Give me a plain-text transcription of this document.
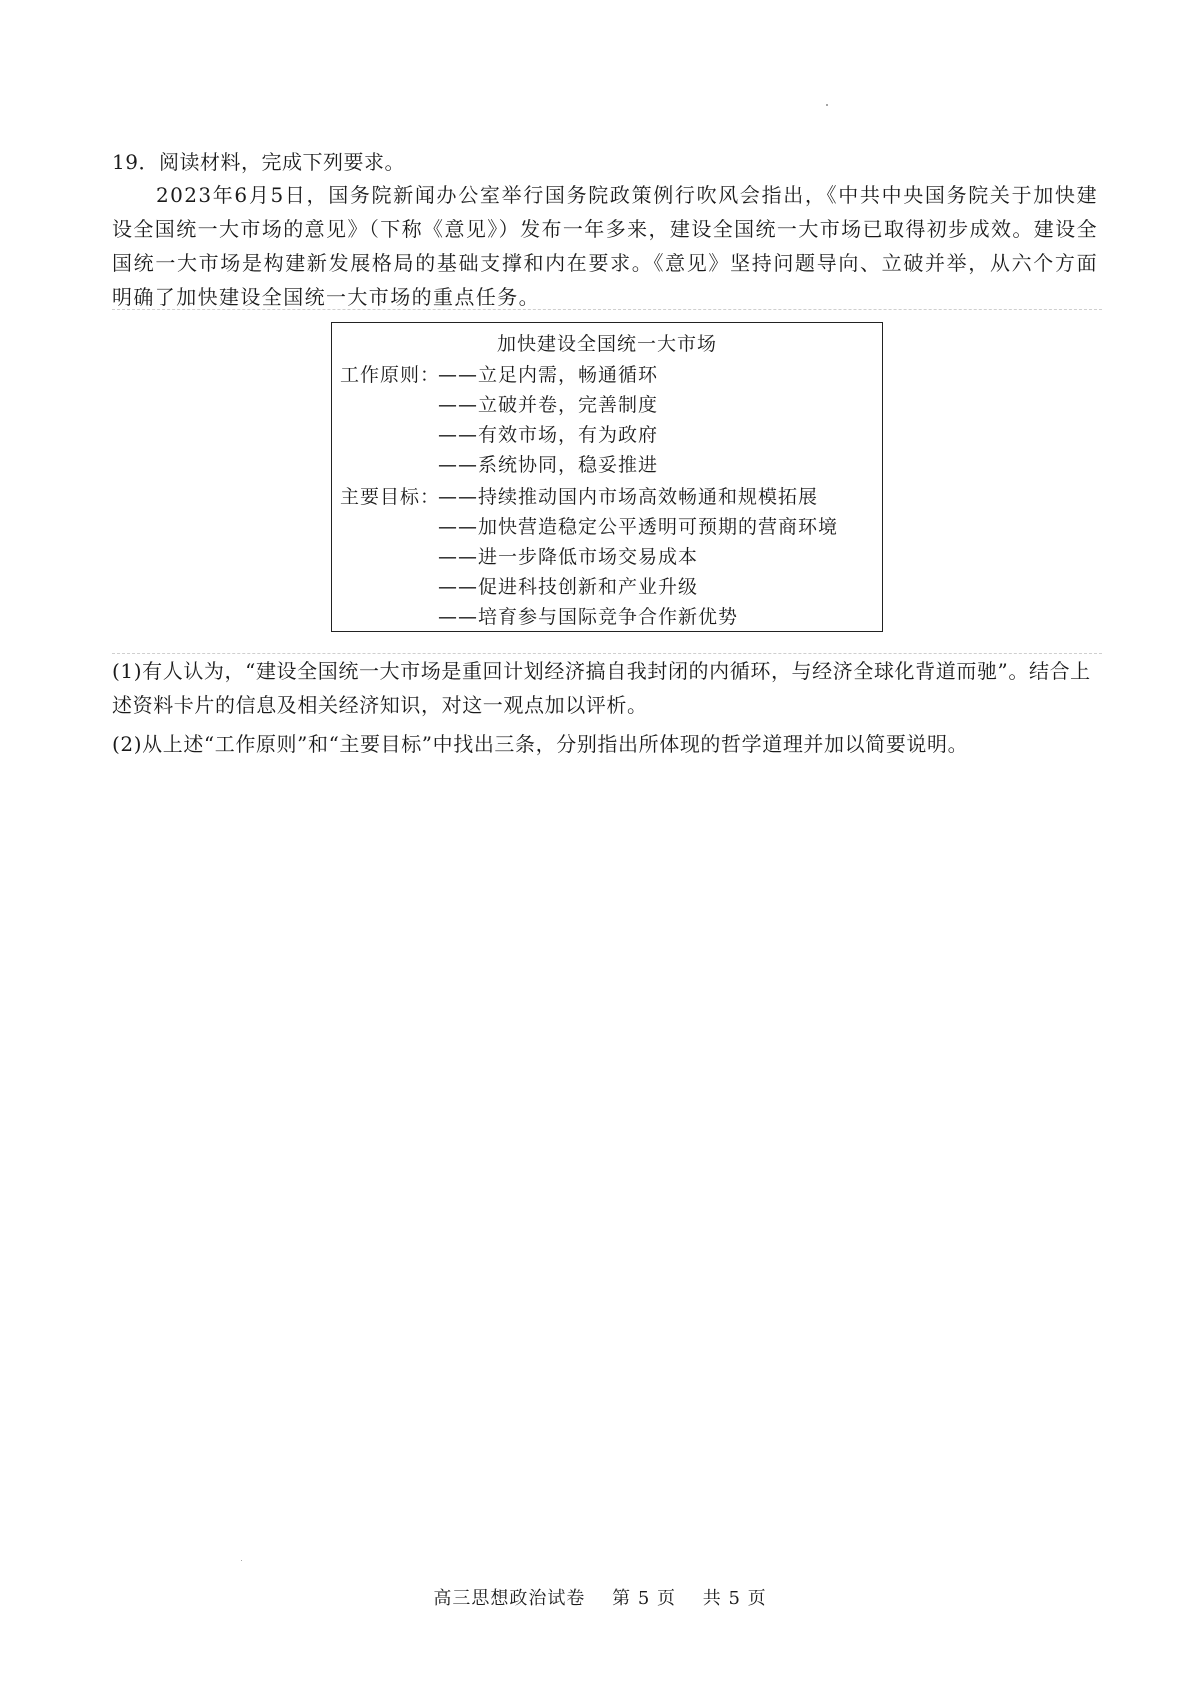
19．阅读材料，完成下列要求。
2023年6月5日，国务院新闻办公室举行国务院政策例行吹风会指出，《中共中央国务院关于加快建设全国统一大市场的意见》（下称《意见》）发布一年多来，建设全国统一大市场已取得初步成效。建设全国统一大市场是构建新发展格局的基础支撑和内在要求。《意见》坚持问题导向、立破并举，从六个方面明确了加快建设全国统一大市场的重点任务。
加快建设全国统一大市场
工作原则：
——立足内需，畅通循环
——立破并卷，完善制度
——有效市场，有为政府
——系统协同，稳妥推进
主要目标：
——持续推动国内市场高效畅通和规模拓展
——加快营造稳定公平透明可预期的营商环境
——进一步降低市场交易成本
——促进科技创新和产业升级
——培育参与国际竞争合作新优势
(1)有人认为，“建设全国统一大市场是重回计划经济搞自我封闭的内循环，与经济全球化背道而驰”。结合上述资料卡片的信息及相关经济知识，对这一观点加以评析。
(2)从上述“工作原则”和“主要目标”中找出三条，分别指出所体现的哲学道理并加以简要说明。
高三思想政治试卷 第 5 页 共 5 页
